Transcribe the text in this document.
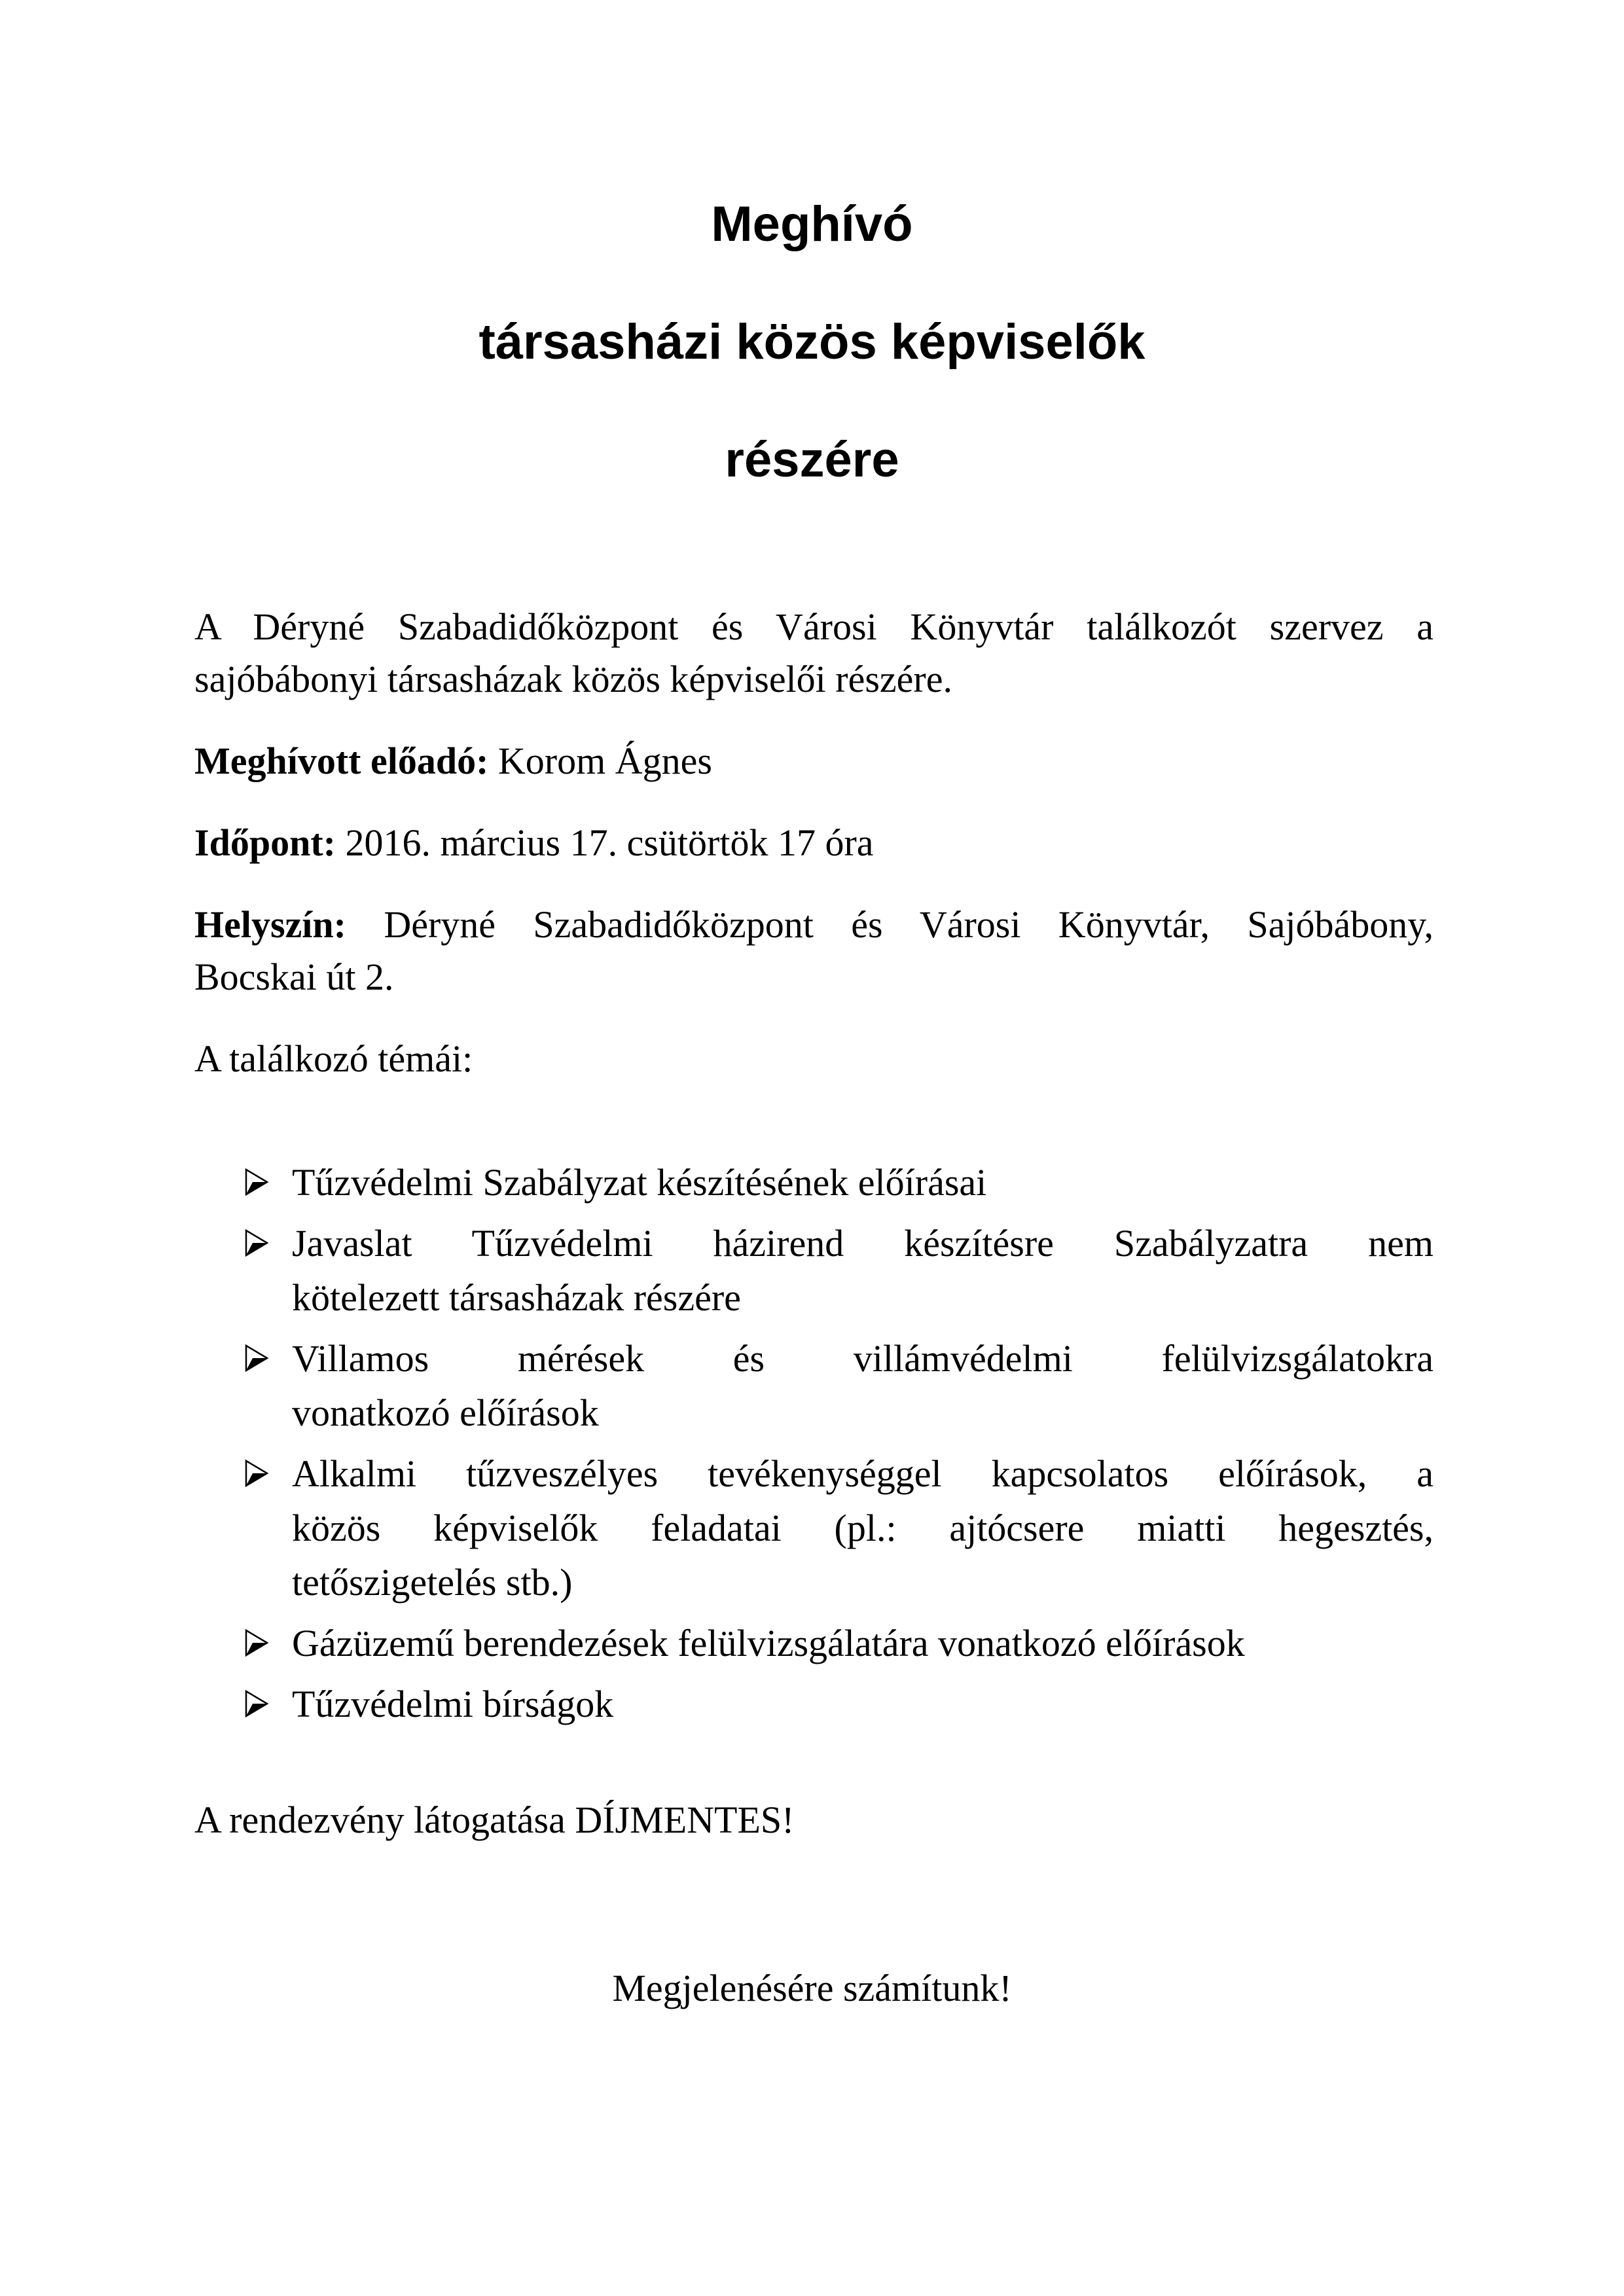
Meghívó
társasházi közös képviselők
részére
A Déryné Szabadidőközpont és Városi Könyvtár találkozót szervez a
sajóbábonyi társasházak közös képviselői részére.
Meghívott előadó: Korom Ágnes
Időpont: 2016. március 17. csütörtök 17 óra
Helyszín: Déryné Szabadidőközpont és Városi Könyvtár, Sajóbábony,
Bocskai út 2.
A találkozó témái:
Tűzvédelmi Szabályzat készítésének előírásai
Javaslat Tűzvédelmi házirend készítésre Szabályzatra nem
kötelezett társasházak részére
Villamos mérések és villámvédelmi felülvizsgálatokra
vonatkozó előírások
Alkalmi tűzveszélyes tevékenységgel kapcsolatos előírások, a
közös képviselők feladatai (pl.: ajtócsere miatti hegesztés,
tetőszigetelés stb.)
Gázüzemű berendezések felülvizsgálatára vonatkozó előírások
Tűzvédelmi bírságok
A rendezvény látogatása DÍJMENTES!
Megjelenésére számítunk!
